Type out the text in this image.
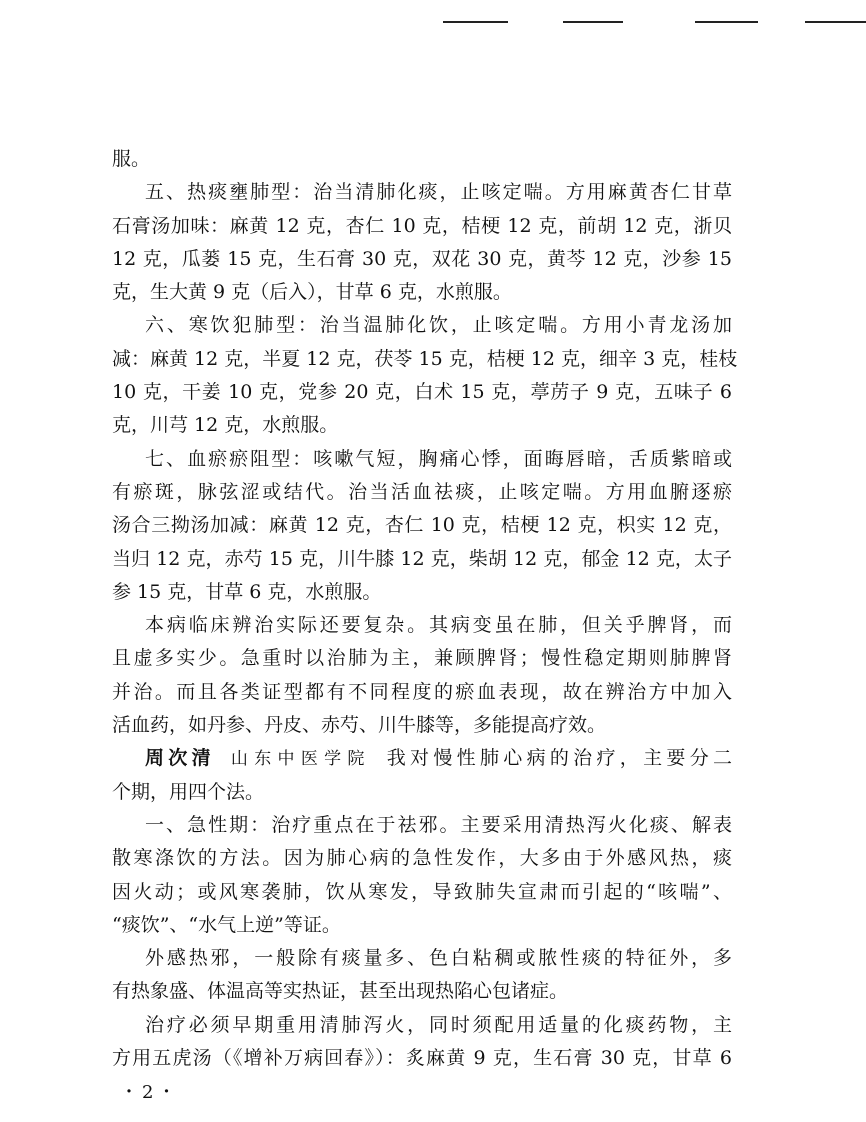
服。
五、热痰壅肺型：治当清肺化痰，止咳定喘。方用麻黄杏仁甘草
石膏汤加味：麻黄 12 克，杏仁 10 克，桔梗 12 克，前胡 12 克，浙贝
12 克，瓜蒌 15 克，生石膏 30 克，双花 30 克，黄芩 12 克，沙参 15
克，生大黄 9 克（后入），甘草 6 克，水煎服。
六、寒饮犯肺型：治当温肺化饮，止咳定喘。方用小青龙汤加
减：麻黄 12 克，半夏 12 克，茯苓 15 克，桔梗 12 克，细辛 3 克，桂枝
10 克，干姜 10 克，党参 20 克，白术 15 克，葶苈子 9 克，五味子 6
克，川芎 12 克，水煎服。
七、血瘀瘀阻型：咳嗽气短，胸痛心悸，面晦唇暗，舌质紫暗或
有瘀斑，脉弦涩或结代。治当活血祛痰，止咳定喘。方用血腑逐瘀
汤合三拗汤加减：麻黄 12 克，杏仁 10 克，桔梗 12 克，枳实 12 克，
当归 12 克，赤芍 15 克，川牛膝 12 克，柴胡 12 克，郁金 12 克，太子
参 15 克，甘草 6 克，水煎服。
本病临床辨治实际还要复杂。其病变虽在肺，但关乎脾肾，而
且虚多实少。急重时以治肺为主，兼顾脾肾；慢性稳定期则肺脾肾
并治。而且各类证型都有不同程度的瘀血表现，故在辨治方中加入
活血药，如丹参、丹皮、赤芍、川牛膝等，多能提高疗效。
周次清 山东中医学院 我对慢性肺心病的治疗，主要分二
个期，用四个法。
一、急性期：治疗重点在于祛邪。主要采用清热泻火化痰、解表
散寒涤饮的方法。因为肺心病的急性发作，大多由于外感风热，痰
因火动；或风寒袭肺，饮从寒发，导致肺失宣肃而引起的“咳喘”、
“痰饮”、“水气上逆”等证。
外感热邪，一般除有痰量多、色白粘稠或脓性痰的特征外，多
有热象盛、体温高等实热证，甚至出现热陷心包诸症。
治疗必须早期重用清肺泻火，同时须配用适量的化痰药物，主
方用五虎汤（《增补万病回春》）：炙麻黄 9 克，生石膏 30 克，甘草 6
・2・
